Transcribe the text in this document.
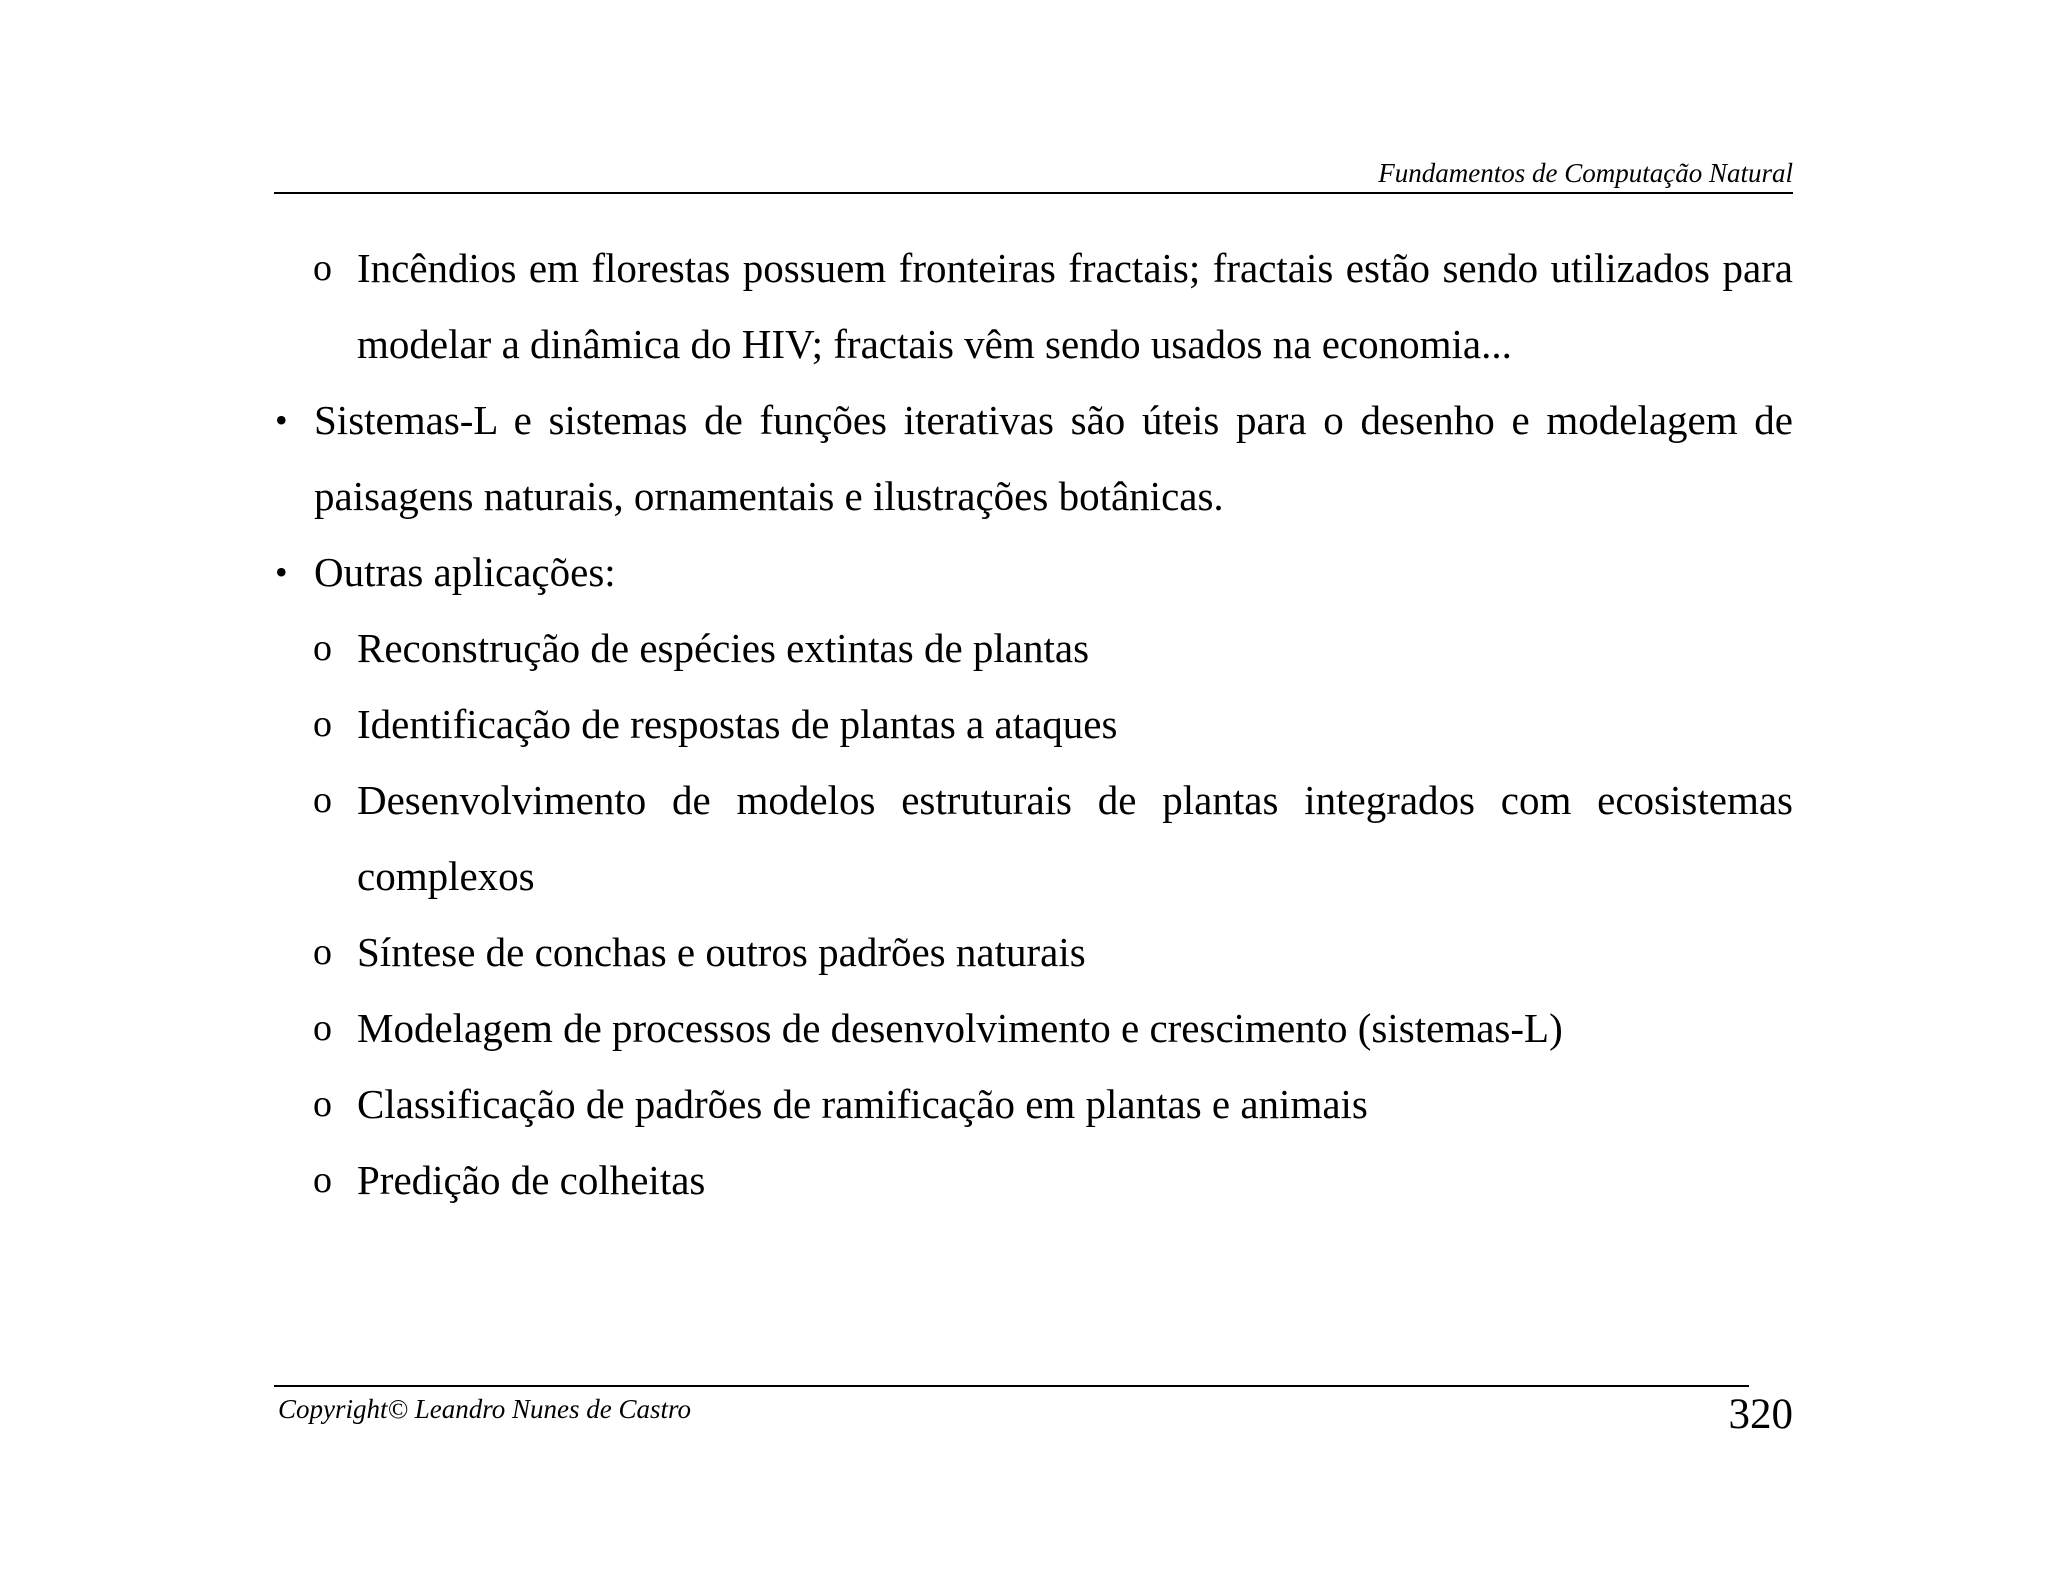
Fundamentos de Computação Natural
o Incêndios em florestas possuem fronteiras fractais; fractais estão sendo utilizados para modelar a dinâmica do HIV; fractais vêm sendo usados na economia...
• Sistemas-L e sistemas de funções iterativas são úteis para o desenho e modelagem de paisagens naturais, ornamentais e ilustrações botânicas.
• Outras aplicações:
o Reconstrução de espécies extintas de plantas
o Identificação de respostas de plantas a ataques
o Desenvolvimento de modelos estruturais de plantas integrados com ecosistemas complexos
o Síntese de conchas e outros padrões naturais
o Modelagem de processos de desenvolvimento e crescimento (sistemas-L)
o Classificação de padrões de ramificação em plantas e animais
o Predição de colheitas
Copyright© Leandro Nunes de Castro	320
